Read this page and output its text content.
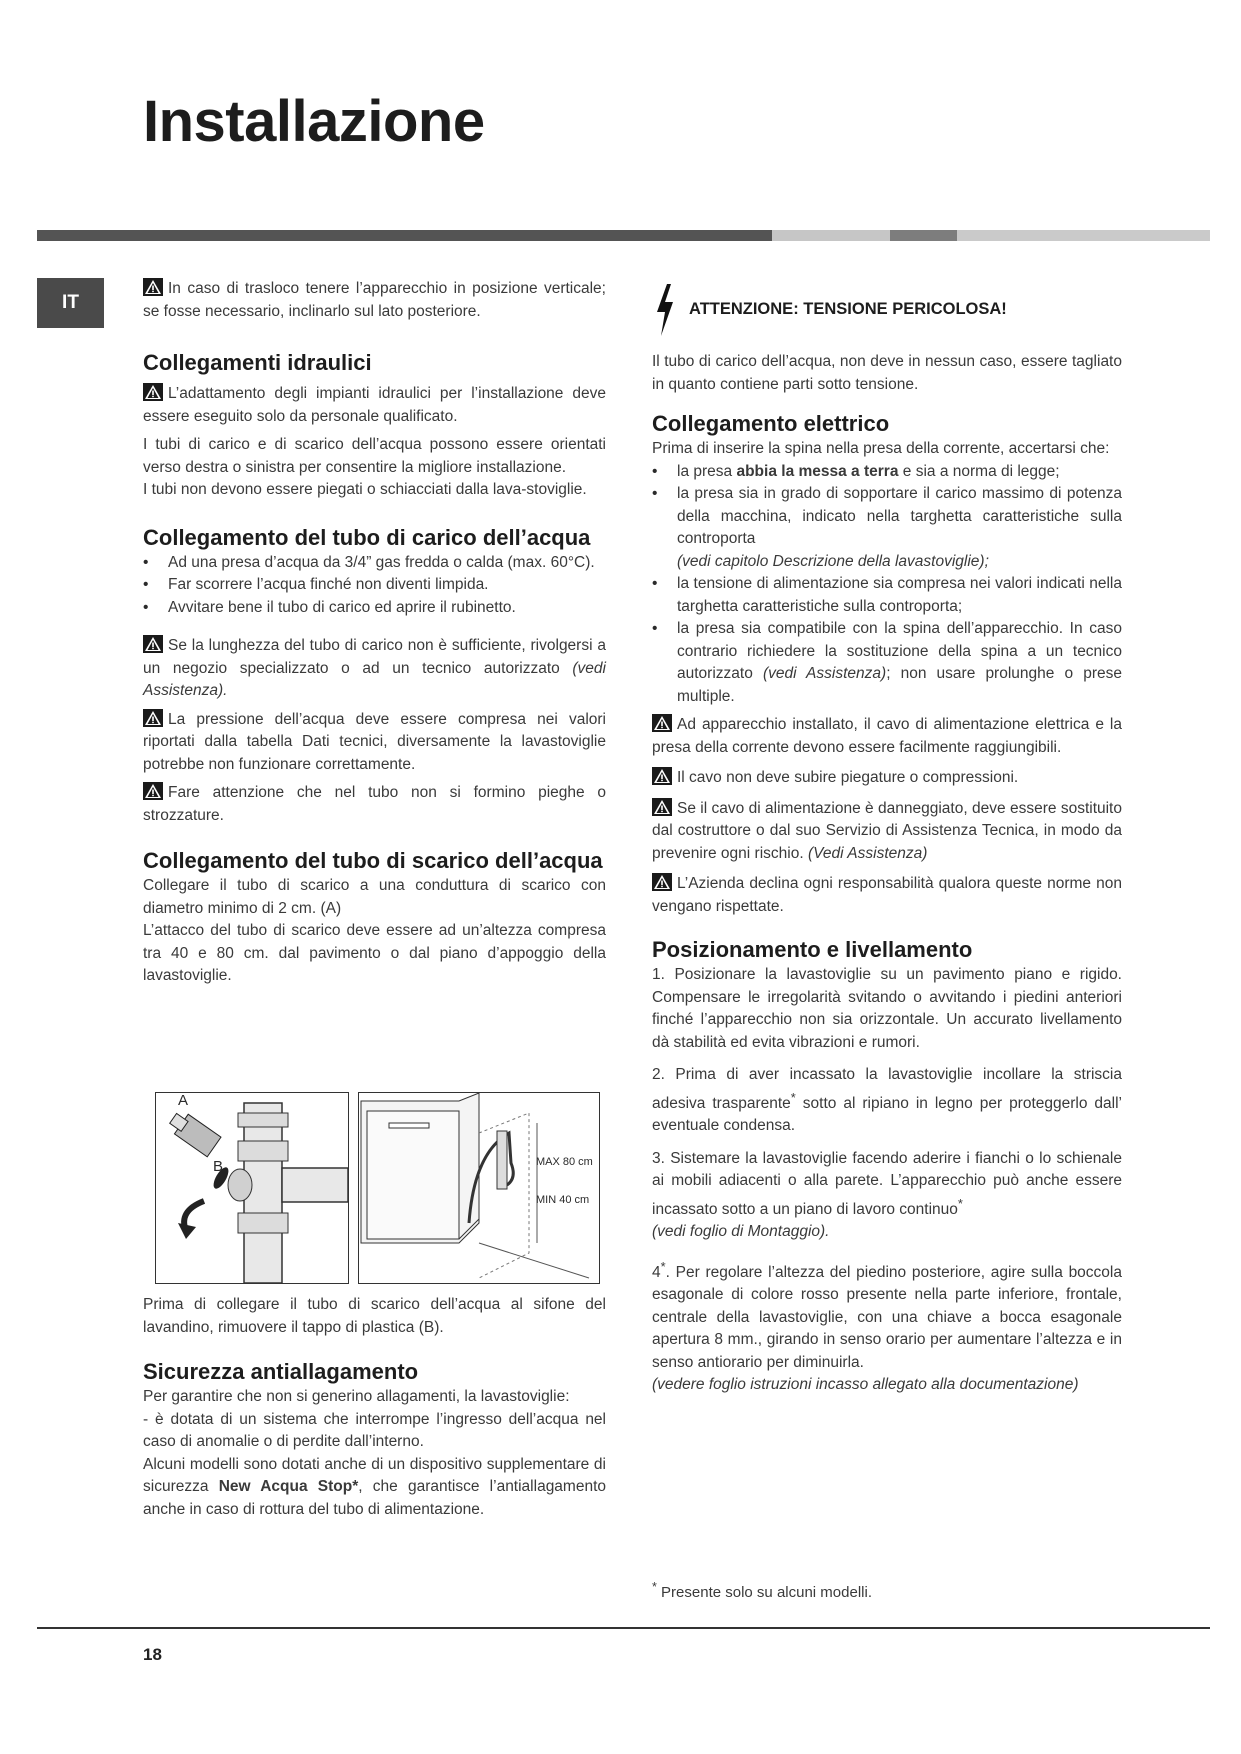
Installazione
IT

In caso di trasloco tenere l’apparecchio in posizione verticale; se fosse necessario, inclinarlo sul lato posteriore.

Collegamenti idraulici

L’adattamento degli impianti idraulici per l’installazione deve essere eseguito solo da personale qualificato.

I tubi di carico e di scarico dell’acqua possono essere orientati verso destra o sinistra per consentire la migliore installazione.

I tubi non devono essere piegati o schiacciati dalla lava-stoviglie.

Collegamento del tubo di carico dell’acqua
• Ad una presa d’acqua da 3/4” gas fredda o calda (max. 60°C).
• Far scorrere l’acqua finché non diventi limpida.
• Avvitare bene il tubo di carico ed aprire il rubinetto.

Se la lunghezza del tubo di carico non è sufficiente, rivolgersi a un negozio specializzato o ad un tecnico autorizzato (vedi Assistenza).

La pressione dell’acqua deve essere compresa nei valori riportati dalla tabella Dati tecnici, diversamente la lavastoviglie potrebbe non funzionare correttamente.

Fare attenzione che nel tubo non si formino pieghe o strozzature.

Collegamento del tubo di scarico dell’acqua

Collegare il tubo di scarico a una conduttura di scarico con diametro minimo di 2 cm. (A)

L’attacco del tubo di scarico deve essere ad un’altezza compresa tra 40 e 80 cm. dal pavimento o dal piano d’appoggio della lavastoviglie.

A
B	MAX 80 cm
MIN 40 cm

Prima di collegare il tubo di scarico dell’acqua al sifone del lavandino, rimuovere il tappo di plastica (B).

Sicurezza antiallagamento

Per garantire che non si generino allagamenti, la lavastoviglie:

- è dotata di un sistema che interrompe l’ingresso dell’acqua nel caso di anomalie o di perdite dall’interno.

Alcuni modelli sono dotati anche di un dispositivo supplementare di sicurezza New Acqua Stop*, che garantisce l’antiallagamento anche in caso di rottura del tubo di alimentazione.

ATTENZIONE: TENSIONE PERICOLOSA!

Il tubo di carico dell’acqua, non deve in nessun caso, essere tagliato in quanto contiene parti sotto tensione.

Collegamento elettrico

Prima di inserire la spina nella presa della corrente, accertarsi che:

• la presa abbia la messa a terra e sia a norma di legge;
• la presa sia in grado di sopportare il carico massimo di potenza della macchina, indicato nella targhetta caratteristiche sulla controporta
(vedi capitolo Descrizione della lavastoviglie);
• la tensione di alimentazione sia compresa nei valori indicati nella targhetta caratteristiche sulla controporta;
• la presa sia compatibile con la spina dell’apparecchio. In caso contrario richiedere la sostituzione della spina a un tecnico autorizzato (vedi Assistenza); non usare prolunghe o prese multiple.

Ad apparecchio installato, il cavo di alimentazione elettrica e la presa della corrente devono essere facilmente raggiungibili.

Il cavo non deve subire piegature o compressioni.

Se il cavo di alimentazione è danneggiato, deve essere sostituito dal costruttore o dal suo Servizio di Assistenza Tecnica, in modo da prevenire ogni rischio. (Vedi Assistenza)

L’Azienda declina ogni responsabilità qualora queste norme non vengano rispettate.

Posizionamento e livellamento

1. Posizionare la lavastoviglie su un pavimento piano e rigido. Compensare le irregolarità svitando o avvitando i piedini anteriori finché l’apparecchio non sia orizzontale. Un accurato livellamento dà stabilità ed evita vibrazioni e rumori.

2. Prima di aver incassato la lavastoviglie incollare la striscia adesiva trasparente* sotto al ripiano in legno per proteggerlo dall’ eventuale condensa.

3. Sistemare la lavastoviglie facendo aderire i fianchi o lo schienale ai mobili adiacenti o alla parete. L’apparecchio può anche essere incassato sotto a un piano di lavoro continuo*
(vedi foglio di Montaggio).

4*. Per regolare l’altezza del piedino posteriore, agire sulla boccola esagonale di colore rosso presente nella parte inferiore, frontale, centrale della lavastoviglie, con una chiave a bocca esagonale apertura 8 mm., girando in senso orario per aumentare l’altezza e in senso antiorario per diminuirla.
(vedere foglio istruzioni incasso allegato alla documentazione)

* Presente solo su alcuni modelli.
18
